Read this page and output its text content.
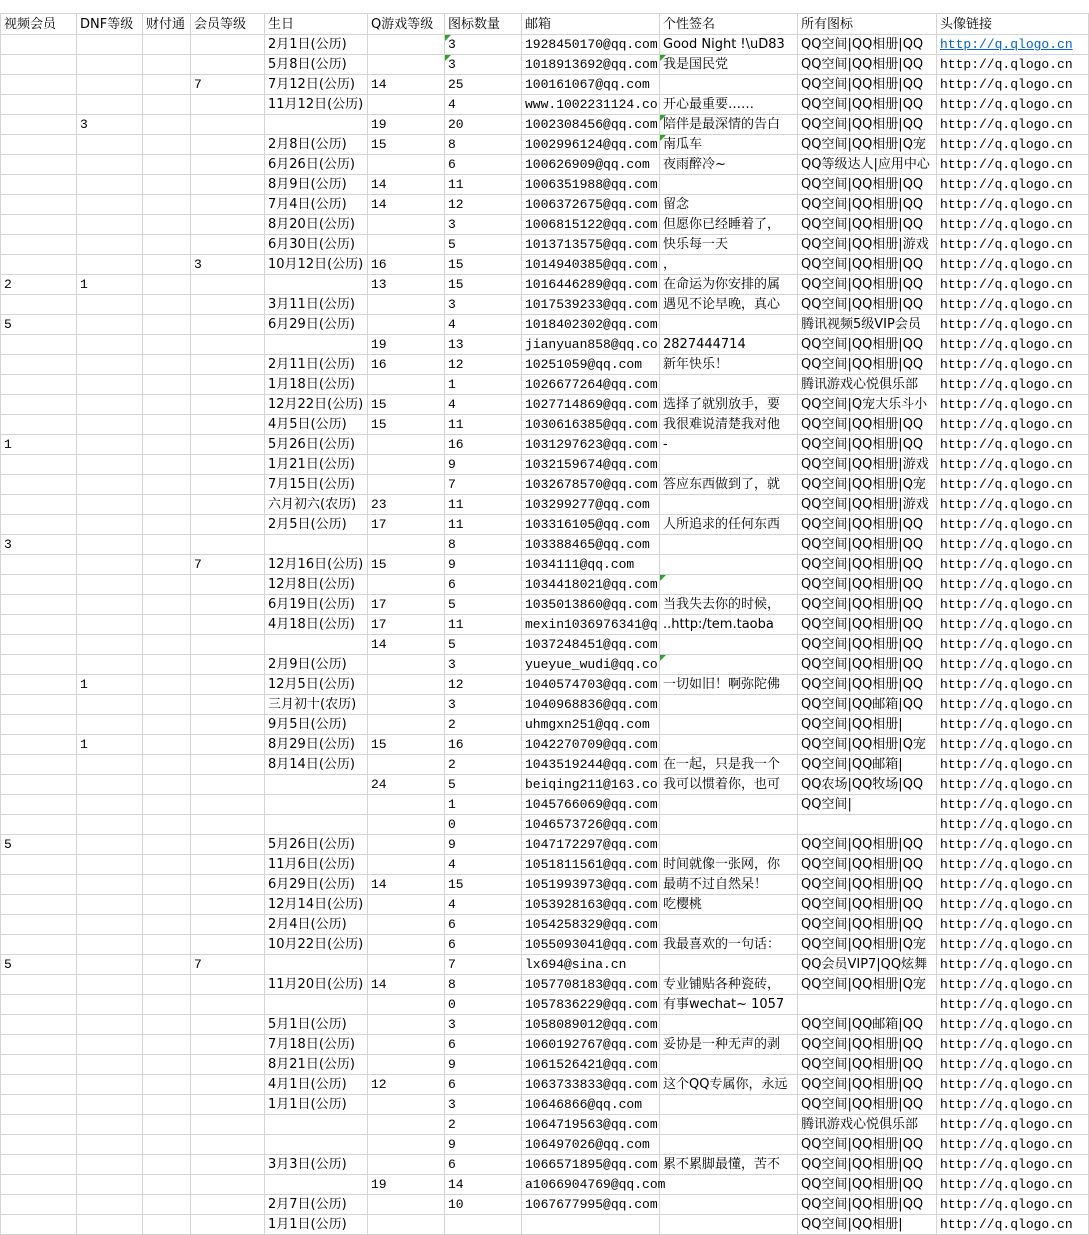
视频会员	DNF等级	财付通	会员等级	生日	Q游戏等级	图标数量	邮箱	个性签名	所有图标	头像链接
				2月1日(公历)		3	1928450170@qq.com	Good Night !\uD83	QQ空间|QQ相册|QQ	http://q.qlogo.cn
				5月8日(公历)		3	1018913692@qq.com	我是国民党	QQ空间|QQ相册|QQ	http://q.qlogo.cn
			7	7月12日(公历)	14	25	100161067@qq.com		QQ空间|QQ相册|QQ	http://q.qlogo.cn
				11月12日(公历)		4	www.1002231124.co	开心最重要……	QQ空间|QQ相册|QQ	http://q.qlogo.cn
	3				19	20	1002308456@qq.com	陪伴是最深情的告白	QQ空间|QQ相册|QQ	http://q.qlogo.cn
				2月8日(公历)	15	8	1002996124@qq.com	南瓜车	QQ空间|QQ相册|Q宠	http://q.qlogo.cn
				6月26日(公历)		6	100626909@qq.com	夜雨醉冷~	QQ等级达人|应用中心	http://q.qlogo.cn
				8月9日(公历)	14	11	1006351988@qq.com		QQ空间|QQ相册|QQ	http://q.qlogo.cn
				7月4日(公历)	14	12	1006372675@qq.com	留念	QQ空间|QQ相册|QQ	http://q.qlogo.cn
				8月20日(公历)		3	1006815122@qq.com	但愿你已经睡着了，	QQ空间|QQ相册|QQ	http://q.qlogo.cn
				6月30日(公历)		5	1013713575@qq.com	快乐每一天	QQ空间|QQ相册|游戏	http://q.qlogo.cn
			3	10月12日(公历)	16	15	1014940385@qq.com	，	QQ空间|QQ相册|QQ	http://q.qlogo.cn
2	1				13	15	1016446289@qq.com	在命运为你安排的属	QQ空间|QQ相册|QQ	http://q.qlogo.cn
				3月11日(公历)		3	1017539233@qq.com	遇见不论早晚，真心	QQ空间|QQ相册|QQ	http://q.qlogo.cn
5				6月29日(公历)		4	1018402302@qq.com		腾讯视频5级VIP会员	http://q.qlogo.cn
					19	13	jianyuan858@qq.co	2827444714	QQ空间|QQ相册|QQ	http://q.qlogo.cn
				2月11日(公历)	16	12	10251059@qq.com	新年快乐！	QQ空间|QQ相册|QQ	http://q.qlogo.cn
				1月18日(公历)		1	1026677264@qq.com		腾讯游戏心悦俱乐部	http://q.qlogo.cn
				12月22日(公历)	15	4	1027714869@qq.com	选择了就别放手，要	QQ空间|Q宠大乐斗小	http://q.qlogo.cn
				4月5日(公历)	15	11	1030616385@qq.com	我很难说清楚我对他	QQ空间|QQ相册|QQ	http://q.qlogo.cn
1				5月26日(公历)		16	1031297623@qq.com	-	QQ空间|QQ相册|QQ	http://q.qlogo.cn
				1月21日(公历)		9	1032159674@qq.com		QQ空间|QQ相册|游戏	http://q.qlogo.cn
				7月15日(公历)		7	1032678570@qq.com	答应东西做到了，就	QQ空间|QQ相册|Q宠	http://q.qlogo.cn
				六月初六(农历)	23	11	103299277@qq.com		QQ空间|QQ相册|游戏	http://q.qlogo.cn
				2月5日(公历)	17	11	103316105@qq.com	人所追求的任何东西	QQ空间|QQ相册|QQ	http://q.qlogo.cn
3						8	103388465@qq.com		QQ空间|QQ相册|QQ	http://q.qlogo.cn
			7	12月16日(公历)	15	9	1034111@qq.com		QQ空间|QQ相册|QQ	http://q.qlogo.cn
				12月8日(公历)		6	1034418021@qq.com		QQ空间|QQ相册|QQ	http://q.qlogo.cn
				6月19日(公历)	17	5	1035013860@qq.com	当我失去你的时候，	QQ空间|QQ相册|QQ	http://q.qlogo.cn
				4月18日(公历)	17	11	mexin1036976341@q	..http:/tem.taoba	QQ空间|QQ相册|QQ	http://q.qlogo.cn
					14	5	1037248451@qq.com		QQ空间|QQ相册|QQ	http://q.qlogo.cn
				2月9日(公历)		3	yueyue_wudi@qq.co		QQ空间|QQ相册|QQ	http://q.qlogo.cn
	1			12月5日(公历)		12	1040574703@qq.com	一切如旧！啊弥陀佛	QQ空间|QQ相册|QQ	http://q.qlogo.cn
				三月初十(农历)		3	1040968836@qq.com		QQ空间|QQ邮箱|QQ	http://q.qlogo.cn
				9月5日(公历)		2	uhmgxn251@qq.com		QQ空间|QQ相册|	http://q.qlogo.cn
	1			8月29日(公历)	15	16	1042270709@qq.com		QQ空间|QQ相册|Q宠	http://q.qlogo.cn
				8月14日(公历)		2	1043519244@qq.com	在一起，只是我一个	QQ空间|QQ邮箱|	http://q.qlogo.cn
					24	5	beiqing211@163.co	我可以惯着你，也可	QQ农场|QQ牧场|QQ	http://q.qlogo.cn
						1	1045766069@qq.com		QQ空间|	http://q.qlogo.cn
						0	1046573726@qq.com			http://q.qlogo.cn
5				5月26日(公历)		9	1047172297@qq.com		QQ空间|QQ相册|QQ	http://q.qlogo.cn
				11月6日(公历)		4	1051811561@qq.com	时间就像一张网，你	QQ空间|QQ相册|QQ	http://q.qlogo.cn
				6月29日(公历)	14	15	1051993973@qq.com	最萌不过自然呆！	QQ空间|QQ相册|QQ	http://q.qlogo.cn
				12月14日(公历)		4	1053928163@qq.com	吃樱桃	QQ空间|QQ相册|QQ	http://q.qlogo.cn
				2月4日(公历)		6	1054258329@qq.com		QQ空间|QQ相册|QQ	http://q.qlogo.cn
				10月22日(公历)		6	1055093041@qq.com	我最喜欢的一句话：	QQ空间|QQ相册|Q宠	http://q.qlogo.cn
5			7			7	lx694@sina.cn		QQ会员VIP7|QQ炫舞	http://q.qlogo.cn
				11月20日(公历)	14	8	1057708183@qq.com	专业铺贴各种瓷砖，	QQ空间|QQ相册|Q宠	http://q.qlogo.cn
						0	1057836229@qq.com	有事wechat~ 1057		http://q.qlogo.cn
				5月1日(公历)		3	1058089012@qq.com		QQ空间|QQ邮箱|QQ	http://q.qlogo.cn
				7月18日(公历)		6	1060192767@qq.com	妥协是一种无声的剥	QQ空间|QQ相册|QQ	http://q.qlogo.cn
				8月21日(公历)		9	1061526421@qq.com		QQ空间|QQ相册|QQ	http://q.qlogo.cn
				4月1日(公历)	12	6	1063733833@qq.com	这个QQ专属你，永远	QQ空间|QQ相册|QQ	http://q.qlogo.cn
				1月1日(公历)		3	10646866@qq.com		QQ空间|QQ相册|QQ	http://q.qlogo.cn
						2	1064719563@qq.com		腾讯游戏心悦俱乐部	http://q.qlogo.cn
						9	106497026@qq.com		QQ空间|QQ相册|QQ	http://q.qlogo.cn
				3月3日(公历)		6	1066571895@qq.com	累不累脚最懂，苦不	QQ空间|QQ相册|QQ	http://q.qlogo.cn
					19	14	a1066904769@qq.com		QQ空间|QQ相册|QQ	http://q.qlogo.cn
				2月7日(公历)		10	1067677995@qq.com		QQ空间|QQ相册|QQ	http://q.qlogo.cn
				1月1日(公历)					QQ空间|QQ相册|	http://q.qlogo.cn
